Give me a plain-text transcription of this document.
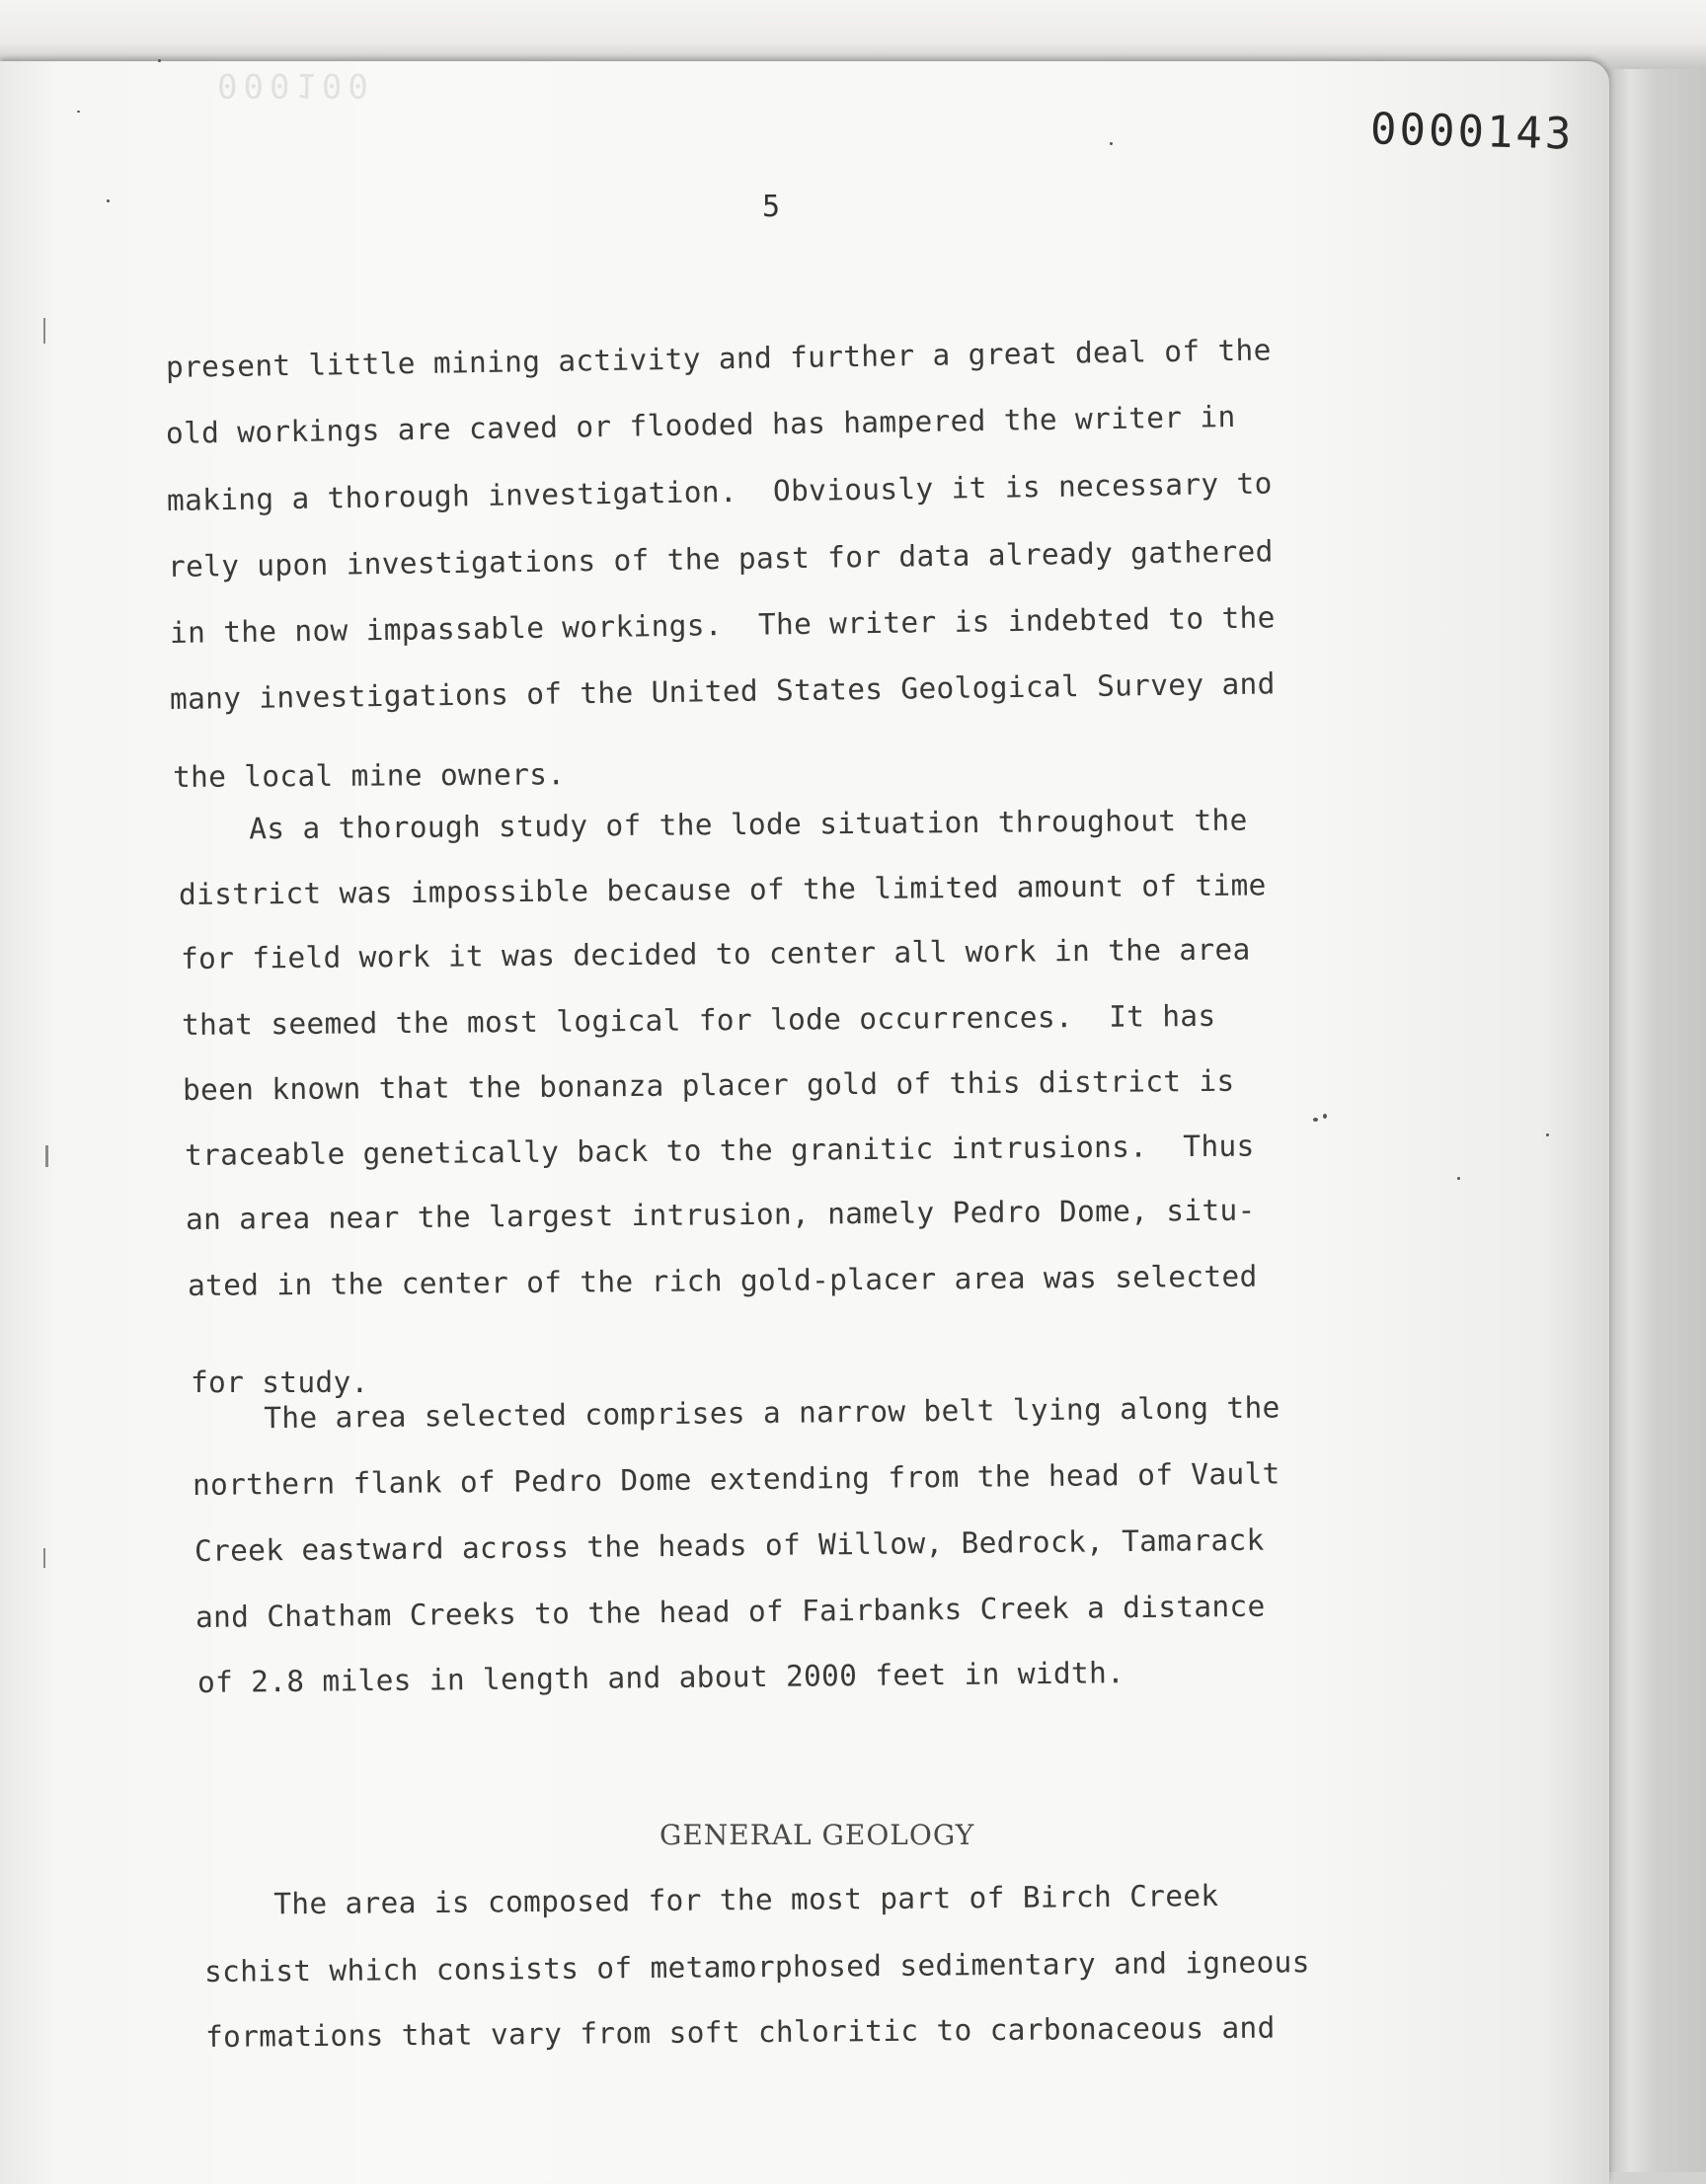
000100
0000143
5
present little mining activity and further a great deal of the
old workings are caved or flooded has hampered the writer in
making a thorough investigation.  Obviously it is necessary to
rely upon investigations of the past for data already gathered
in the now impassable workings.  The writer is indebted to the
many investigations of the United States Geological Survey and
the local mine owners.
As a thorough study of the lode situation throughout the
district was impossible because of the limited amount of time
for field work it was decided to center all work in the area
that seemed the most logical for lode occurrences.  It has
been known that the bonanza placer gold of this district is
traceable genetically back to the granitic intrusions.  Thus
an area near the largest intrusion, namely Pedro Dome, situ-
ated in the center of the rich gold-placer area was selected
for study.
The area selected comprises a narrow belt lying along the
northern flank of Pedro Dome extending from the head of Vault
Creek eastward across the heads of Willow, Bedrock, Tamarack
and Chatham Creeks to the head of Fairbanks Creek a distance
of 2.8 miles in length and about 2000 feet in width.
GENERAL GEOLOGY
The area is composed for the most part of Birch Creek
schist which consists of metamorphosed sedimentary and igneous
formations that vary from soft chloritic to carbonaceous and
